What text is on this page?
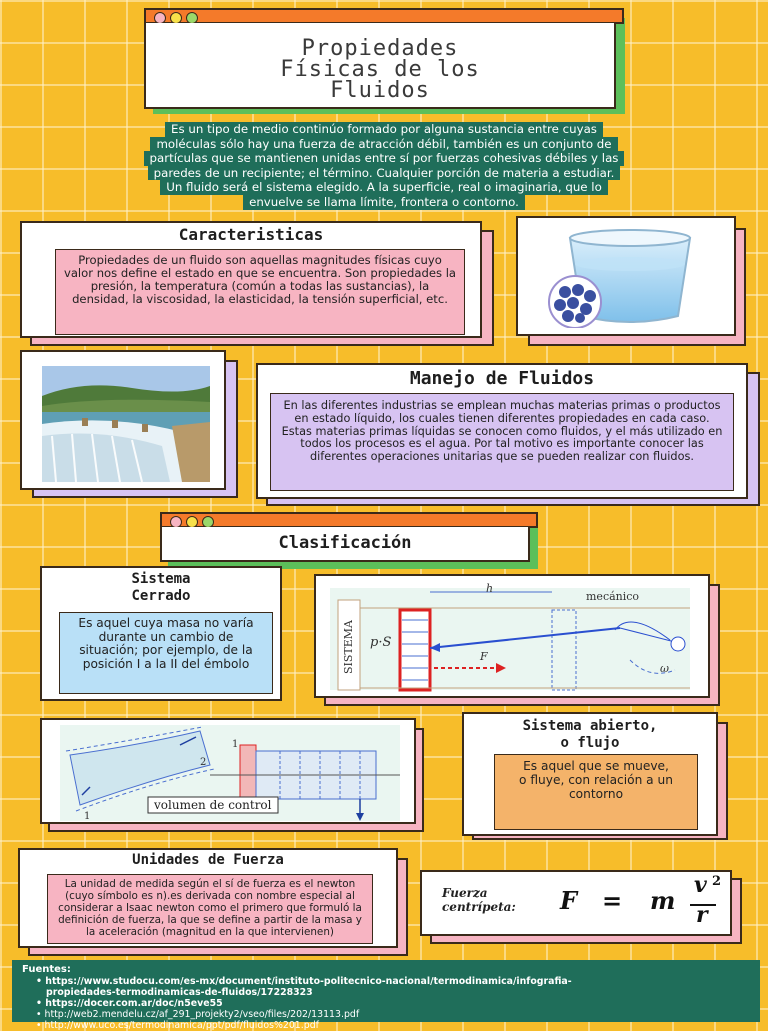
Propiedades
Físicas de los
Fluidos
Es un tipo de medio continúo formado por alguna sustancia entre cuyas
moléculas sólo hay una fuerza de atracción débil, también es un conjunto de
partículas que se mantienen unidas entre sí por fuerzas cohesivas débiles y las
paredes de un recipiente; el término. Cualquier porción de materia a estudiar.
Un fluido será el sistema elegido. A la superficie, real o imaginaria, que lo
envuelve se llama límite, frontera o contorno.
Caracteristicas
Propiedades de un fluido son aquellas magnitudes físicas cuyo valor nos define el estado en que se encuentra. Son propiedades la presión, la temperatura (común a todas las sustancias), la densidad, la viscosidad, la elasticidad, la tensión superficial, etc.
Manejo de Fluidos
En las diferentes industrias se emplean muchas materias primas o productos en estado líquido, los cuales tienen diferentes propiedades en cada caso. Estas materias primas líquidas se conocen como fluidos, y el más utilizado en todos los procesos es el agua. Por tal motivo es importante conocer las diferentes operaciones unitarias que se pueden realizar con fluidos.
Clasificación
Sistema
Cerrado
Es aquel cuya masa no varía durante un cambio de situación; por ejemplo, de la posición I a la II del émbolo	SISTEMA
h
mecánico
p·S
F
ω
1
2
1
volumen de control
Sistema abierto,
o flujo
Es aquel que se mueve, o fluye, con relación a un contorno
Unidades de Fuerza
La unidad de medida según el sí de fuerza es el newton (cuyo símbolo es n).es derivada con nombre especial al considerar a Isaac newton como el primero que formuló la definición de fuerza, la que se define a partir de la masa y la aceleración (magnitud en la que intervienen)
Fuerza
centrípeta: F = m
v 2
r
Fuentes:
• https://www.studocu.com/es-mx/document/instituto-politecnico-nacional/termodinamica/infografia-
propiedades-termodinamicas-de-fluidos/17228323
• https://docer.com.ar/doc/n5eve55
• http://web2.mendelu.cz/af_291_projekty2/vseo/files/202/13113.pdf
• http://www.uco.es/termodinamica/ppt/pdf/fluidos%201.pdf
